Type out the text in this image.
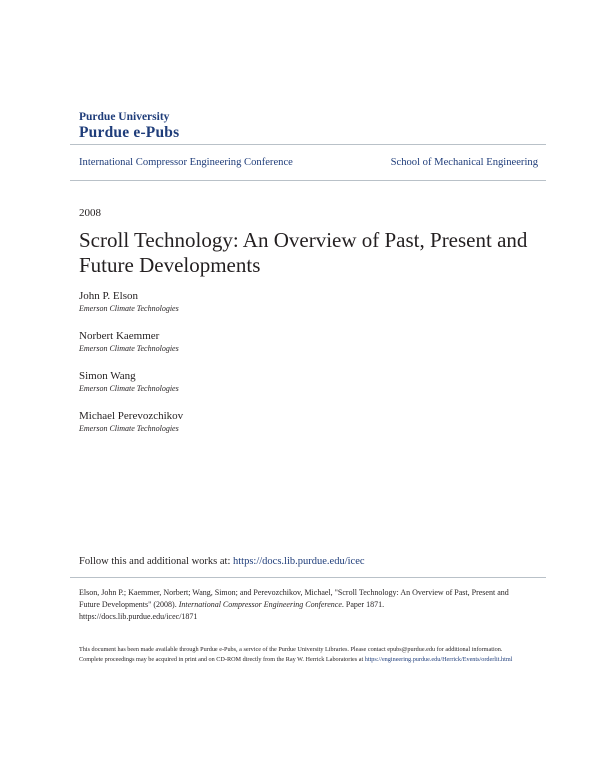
Purdue University
Purdue e-Pubs
International Compressor Engineering Conference	School of Mechanical Engineering
2008
Scroll Technology: An Overview of Past, Present and Future Developments
John P. Elson
Emerson Climate Technologies
Norbert Kaemmer
Emerson Climate Technologies
Simon Wang
Emerson Climate Technologies
Michael Perevozchikov
Emerson Climate Technologies
Follow this and additional works at: https://docs.lib.purdue.edu/icec
Elson, John P.; Kaemmer, Norbert; Wang, Simon; and Perevozchikov, Michael, "Scroll Technology: An Overview of Past, Present and Future Developments" (2008). International Compressor Engineering Conference. Paper 1871.
https://docs.lib.purdue.edu/icec/1871

This document has been made available through Purdue e-Pubs, a service of the Purdue University Libraries. Please contact epubs@purdue.edu for additional information.

Complete proceedings may be acquired in print and on CD-ROM directly from the Ray W. Herrick Laboratories at https://engineering.purdue.edu/Herrick/Events/orderlit.html
